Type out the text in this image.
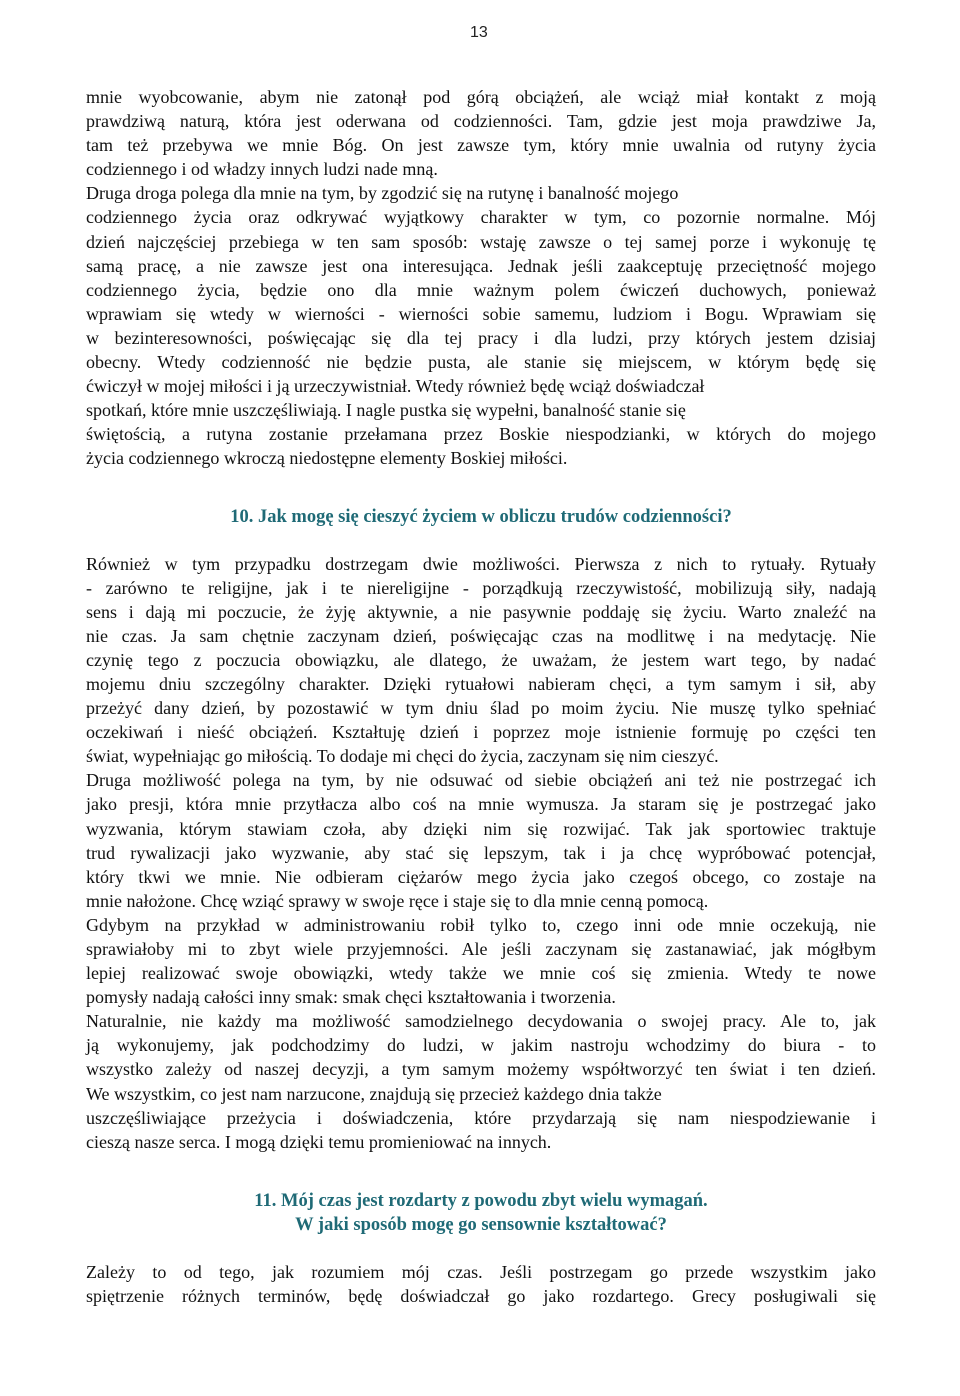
13
mnie wyobcowanie, abym nie zatonął pod górą obciążeń, ale wciąż miał kontakt z moją
prawdziwą naturą, która jest oderwana od codzienności. Tam, gdzie jest moja prawdziwe Ja,
tam też przebywa we mnie Bóg. On jest zawsze tym, który mnie uwalnia od rutyny życia
codziennego i od władzy innych ludzi nade mną.
Druga droga polega dla mnie na tym, by zgodzić się na rutynę i banalność mojego
codziennego życia oraz odkrywać wyjątkowy charakter w tym, co pozornie normalne. Mój
dzień najczęściej przebiega w ten sam sposób: wstaję zawsze o tej samej porze i wykonuję tę
samą pracę, a nie zawsze jest ona interesująca. Jednak jeśli zaakceptuję przeciętność mojego
codziennego życia, będzie ono dla mnie ważnym polem ćwiczeń duchowych, ponieważ
wprawiam się wtedy w wierności - wierności sobie samemu, ludziom i Bogu. Wprawiam się
w bezinteresowności, poświęcając się dla tej pracy i dla ludzi, przy których jestem dzisiaj
obecny. Wtedy codzienność nie będzie pusta, ale stanie się miejscem, w którym będę się
ćwiczył w mojej miłości i ją urzeczywistniał. Wtedy również będę wciąż doświadczał
spotkań, które mnie uszczęśliwiają. I nagle pustka się wypełni, banalność stanie się
świętością, a rutyna zostanie przełamana przez Boskie niespodzianki, w których do mojego
życia codziennego wkroczą niedostępne elementy Boskiej miłości.
10. Jak mogę się cieszyć życiem w obliczu trudów codzienności?
Również w tym przypadku dostrzegam dwie możliwości. Pierwsza z nich to rytuały. Rytuały
- zarówno te religijne, jak i te niereligijne - porządkują rzeczywistość, mobilizują siły, nadają
sens i dają mi poczucie, że żyję aktywnie, a nie pasywnie poddaję się życiu. Warto znaleźć na
nie czas. Ja sam chętnie zaczynam dzień, poświęcając czas na modlitwę i na medytację. Nie
czynię tego z poczucia obowiązku, ale dlatego, że uważam, że jestem wart tego, by nadać
mojemu dniu szczególny charakter. Dzięki rytuałowi nabieram chęci, a tym samym i sił, aby
przeżyć dany dzień, by pozostawić w tym dniu ślad po moim życiu. Nie muszę tylko spełniać
oczekiwań i nieść obciążeń. Kształtuję dzień i poprzez moje istnienie formuję po części ten
świat, wypełniając go miłością. To dodaje mi chęci do życia, zaczynam się nim cieszyć.
Druga możliwość polega na tym, by nie odsuwać od siebie obciążeń ani też nie postrzegać ich
jako presji, która mnie przytłacza albo coś na mnie wymusza. Ja staram się je postrzegać jako
wyzwania, którym stawiam czoła, aby dzięki nim się rozwijać. Tak jak sportowiec traktuje
trud rywalizacji jako wyzwanie, aby stać się lepszym, tak i ja chcę wypróbować potencjał,
który tkwi we mnie. Nie odbieram ciężarów mego życia jako czegoś obcego, co zostaje na
mnie nałożone. Chcę wziąć sprawy w swoje ręce i staje się to dla mnie cenną pomocą.
Gdybym na przykład w administrowaniu robił tylko to, czego inni ode mnie oczekują, nie
sprawiałoby mi to zbyt wiele przyjemności. Ale jeśli zaczynam się zastanawiać, jak mógłbym
lepiej realizować swoje obowiązki, wtedy także we mnie coś się zmienia. Wtedy te nowe
pomysły nadają całości inny smak: smak chęci kształtowania i tworzenia.
Naturalnie, nie każdy ma możliwość samodzielnego decydowania o swojej pracy. Ale to, jak
ją wykonujemy, jak podchodzimy do ludzi, w jakim nastroju wchodzimy do biura - to
wszystko zależy od naszej decyzji, a tym samym możemy współtworzyć ten świat i ten dzień.
We wszystkim, co jest nam narzucone, znajdują się przecież każdego dnia także
uszczęśliwiające przeżycia i doświadczenia, które przydarzają się nam niespodziewanie i
cieszą nasze serca. I mogą dzięki temu promieniować na innych.
11. Mój czas jest rozdarty z powodu zbyt wielu wymagań.
W jaki sposób mogę go sensownie kształtować?
Zależy to od tego, jak rozumiem mój czas. Jeśli postrzegam go przede wszystkim jako
spiętrzenie różnych terminów, będę doświadczał go jako rozdartego. Grecy posługiwali się
